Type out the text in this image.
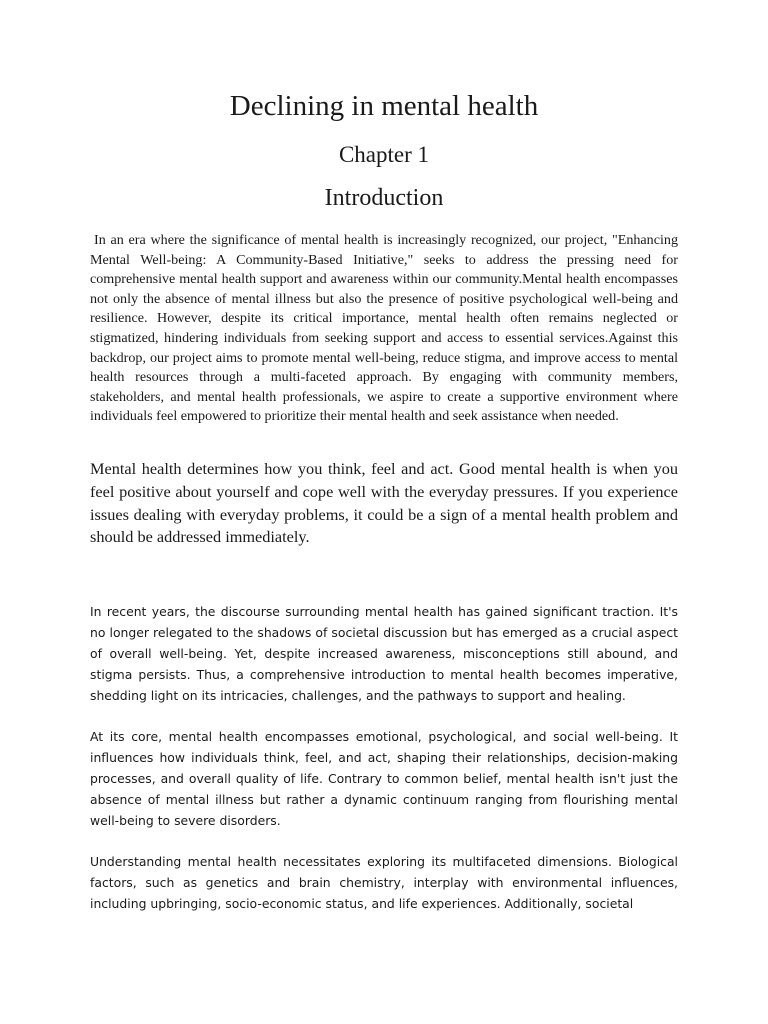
Declining in mental health
Chapter 1
Introduction

In an era where the significance of mental health is increasingly recognized, our project, "Enhancing Mental Well-being: A Community-Based Initiative," seeks to address the pressing need for comprehensive mental health support and awareness within our community.Mental health encompasses not only the absence of mental illness but also the presence of positive psychological well-being and resilience. However, despite its critical importance, mental health often remains neglected or stigmatized, hindering individuals from seeking support and access to essential services.Against this backdrop, our project aims to promote mental well-being, reduce stigma, and improve access to mental health resources through a multi-faceted approach. By engaging with community members, stakeholders, and mental health professionals, we aspire to create a supportive environment where individuals feel empowered to prioritize their mental health and seek assistance when needed.

Mental health determines how you think, feel and act. Good mental health is when you feel positive about yourself and cope well with the everyday pressures. If you experience issues dealing with everyday problems, it could be a sign of a mental health problem and should be addressed immediately.

In recent years, the discourse surrounding mental health has gained significant traction. It's no longer relegated to the shadows of societal discussion but has emerged as a crucial aspect of overall well-being. Yet, despite increased awareness, misconceptions still abound, and stigma persists. Thus, a comprehensive introduction to mental health becomes imperative, shedding light on its intricacies, challenges, and the pathways to support and healing.

At its core, mental health encompasses emotional, psychological, and social well-being. It influences how individuals think, feel, and act, shaping their relationships, decision-making processes, and overall quality of life. Contrary to common belief, mental health isn't just the absence of mental illness but rather a dynamic continuum ranging from flourishing mental well-being to severe disorders.

Understanding mental health necessitates exploring its multifaceted dimensions. Biological factors, such as genetics and brain chemistry, interplay with environmental influences, including upbringing, socio-economic status, and life experiences. Additionally, societal
